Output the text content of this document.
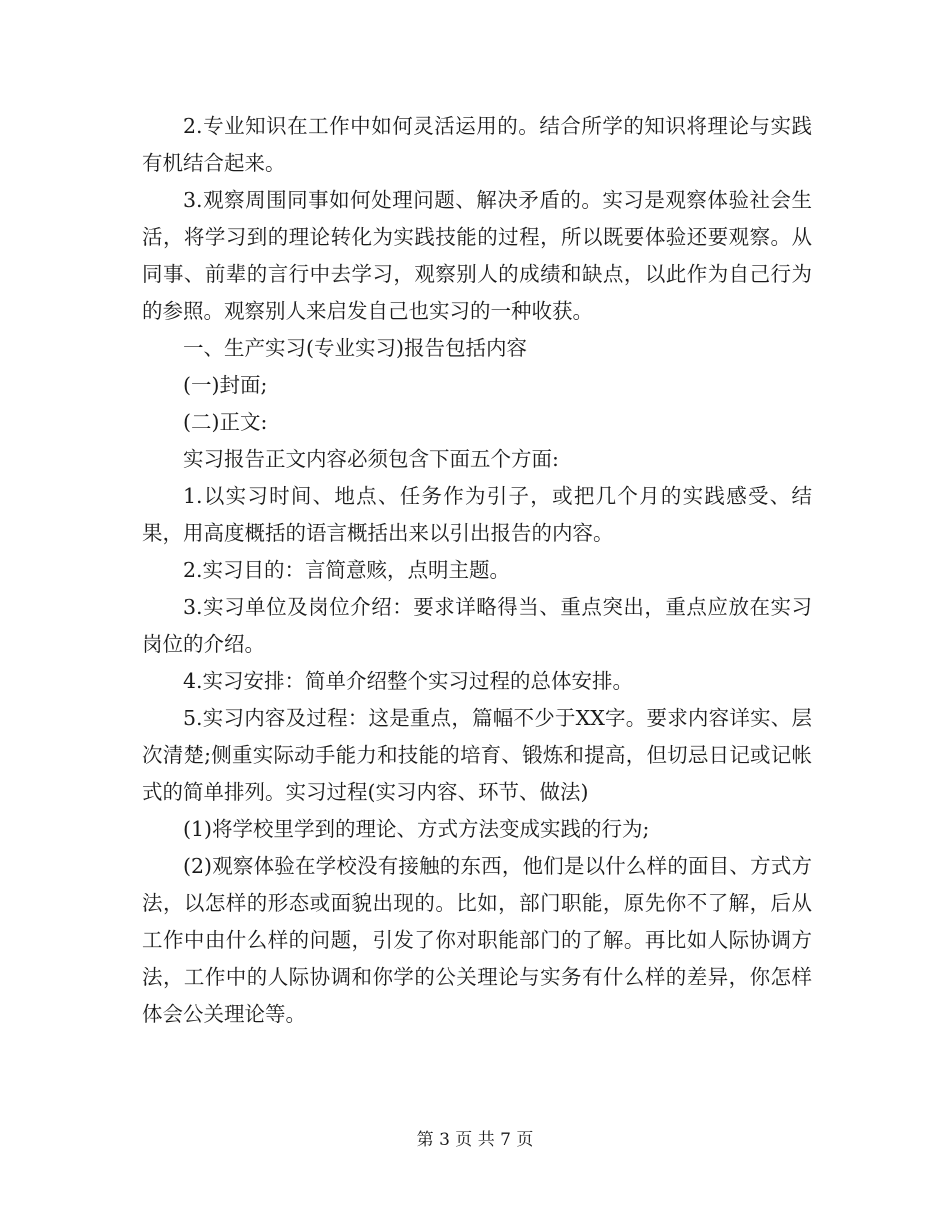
2.专业知识在工作中如何灵活运用的。结合所学的知识将理论与实践有机结合起来。

3.观察周围同事如何处理问题、解决矛盾的。实习是观察体验社会生活，将学习到的理论转化为实践技能的过程，所以既要体验还要观察。从同事、前辈的言行中去学习，观察别人的成绩和缺点，以此作为自己行为的参照。观察别人来启发自己也实习的一种收获。

一、生产实习(专业实习)报告包括内容

(一)封面;

(二)正文:

实习报告正文内容必须包含下面五个方面:

1.以实习时间、地点、任务作为引子，或把几个月的实践感受、结果，用高度概括的语言概括出来以引出报告的内容。

2.实习目的：言简意赅，点明主题。

3.实习单位及岗位介绍：要求详略得当、重点突出，重点应放在实习岗位的介绍。

4.实习安排：简单介绍整个实习过程的总体安排。

5.实习内容及过程：这是重点，篇幅不少于XX字。要求内容详实、层次清楚;侧重实际动手能力和技能的培育、锻炼和提高，但切忌日记或记帐式的简单排列。实习过程(实习内容、环节、做法)

(1)将学校里学到的理论、方式方法变成实践的行为;

(2)观察体验在学校没有接触的东西，他们是以什么样的面目、方式方法，以怎样的形态或面貌出现的。比如，部门职能，原先你不了解，后从工作中由什么样的问题，引发了你对职能部门的了解。再比如人际协调方法，工作中的人际协调和你学的公关理论与实务有什么样的差异，你怎样体会公关理论等。

第 3 页 共 7 页
